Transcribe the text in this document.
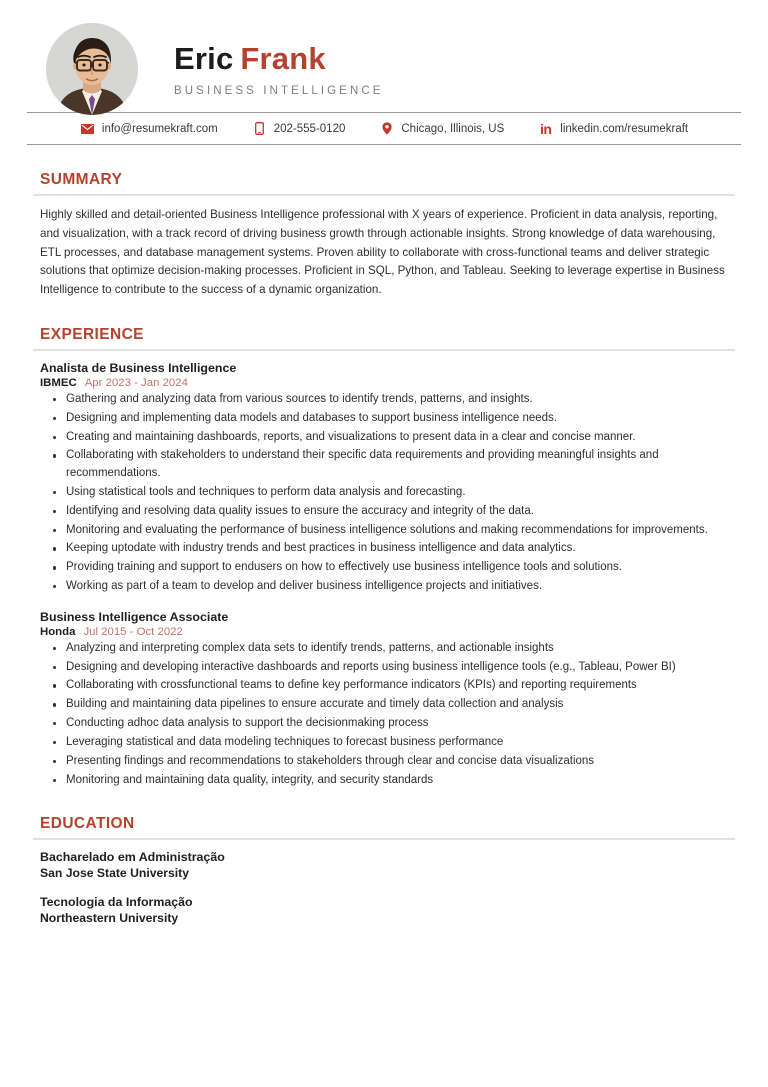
Eric Frank
BUSINESS INTELLIGENCE
info@resumekraft.com	202-555-0120	Chicago, Illinois, US	in linkedin.com/resumekraft
SUMMARY

Highly skilled and detail-oriented Business Intelligence professional with X years of experience. Proficient in data analysis, reporting, and visualization, with a track record of driving business growth through actionable insights. Strong knowledge of data warehousing, ETL processes, and database management systems. Proven ability to collaborate with cross-functional teams and deliver strategic solutions that optimize decision-making processes. Proficient in SQL, Python, and Tableau. Seeking to leverage expertise in Business Intelligence to contribute to the success of a dynamic organization.

EXPERIENCE
Analista de Business Intelligence
IBMEC Apr 2023 - Jan 2024
Gathering and analyzing data from various sources to identify trends, patterns, and insights.
Designing and implementing data models and databases to support business intelligence needs.
Creating and maintaining dashboards, reports, and visualizations to present data in a clear and concise manner.
Collaborating with stakeholders to understand their specific data requirements and providing meaningful insights and recommendations.
Using statistical tools and techniques to perform data analysis and forecasting.
Identifying and resolving data quality issues to ensure the accuracy and integrity of the data.
Monitoring and evaluating the performance of business intelligence solutions and making recommendations for improvements.
Keeping uptodate with industry trends and best practices in business intelligence and data analytics.
Providing training and support to endusers on how to effectively use business intelligence tools and solutions.
Working as part of a team to develop and deliver business intelligence projects and initiatives.
Business Intelligence Associate
Honda Jul 2015 - Oct 2022
Analyzing and interpreting complex data sets to identify trends, patterns, and actionable insights
Designing and developing interactive dashboards and reports using business intelligence tools (e.g., Tableau, Power BI)
Collaborating with crossfunctional teams to define key performance indicators (KPIs) and reporting requirements
Building and maintaining data pipelines to ensure accurate and timely data collection and analysis
Conducting adhoc data analysis to support the decisionmaking process
Leveraging statistical and data modeling techniques to forecast business performance
Presenting findings and recommendations to stakeholders through clear and concise data visualizations
Monitoring and maintaining data quality, integrity, and security standards
EDUCATION
Bacharelado em Administração
San Jose State University
Tecnologia da Informação
Northeastern University
